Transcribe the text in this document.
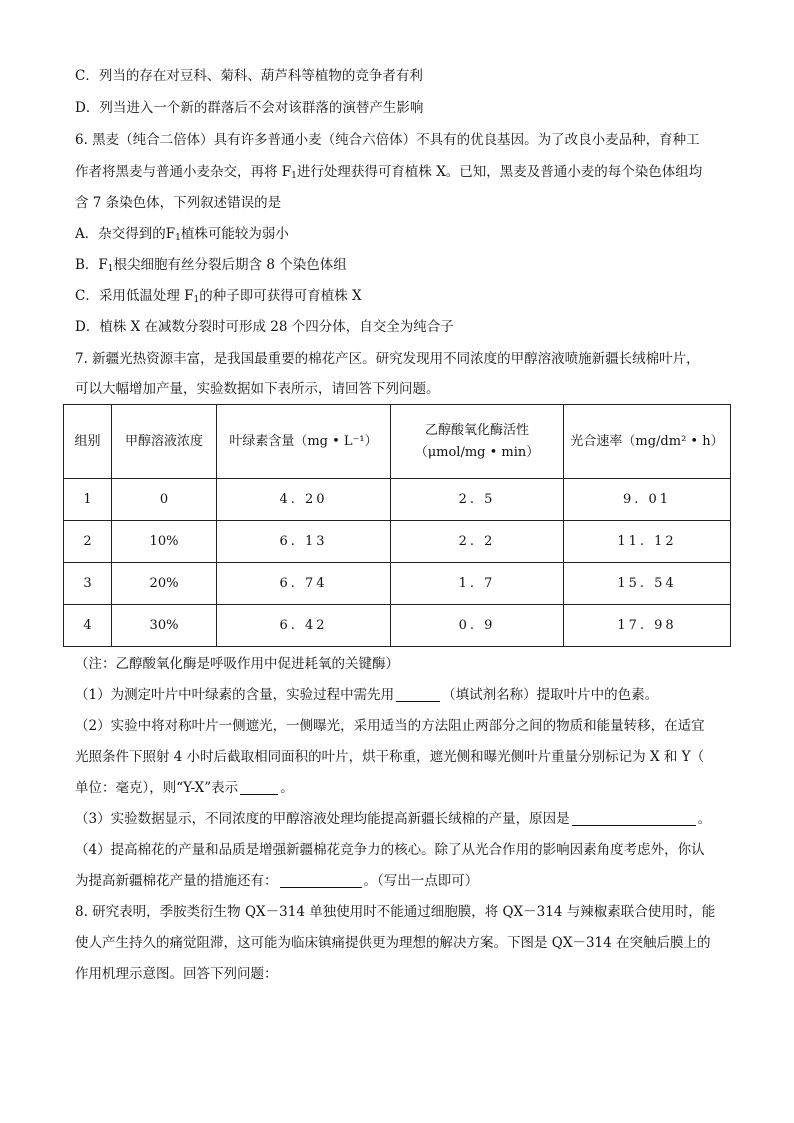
C．列当的存在对豆科、菊科、葫芦科等植物的竞争者有利
D．列当进入一个新的群落后不会对该群落的演替产生影响
6. 黑麦（纯合二倍体）具有许多普通小麦（纯合六倍体）不具有的优良基因。为了改良小麦品种，育种工
作者将黑麦与普通小麦杂交，再将 $F_1$进行处理获得可育植株 X。已知，黑麦及普通小麦的每个染色体组均
含 7 条染色体，下列叙述错误的是
A．杂交得到的$F_1$植株可能较为弱小
B．$F_1$根尖细胞有丝分裂后期含 8 个染色体组
C．采用低温处理 $F_1$的种子即可获得可育植株 X
D．植株 X 在减数分裂时可形成 28 个四分体，自交全为纯合子
7. 新疆光热资源丰富，是我国最重要的棉花产区。研究发现用不同浓度的甲醇溶液喷施新疆长绒棉叶片，
可以大幅增加产量，实验数据如下表所示，请回答下列问题。
组别	甲醇溶液浓度	叶绿素含量（mg • L⁻¹）	乙醇酸氧化酶活性
（μmol/mg • min）	光合速率（mg/dm² • h）
1	0	4. 20	2. 5	9. 01
2	10%	6. 13	2. 2	11. 12
3	20%	6. 74	1. 7	15. 54
4	30%	6. 42	0. 9	17. 98
（注：乙醇酸氧化酶是呼吸作用中促进耗氧的关键酶）
（1）为测定叶片中叶绿素的含量，实验过程中需先用	（填试剂名称）提取叶片中的色素。
（2）实验中将对称叶片一侧遮光，一侧曝光，采用适当的方法阻止两部分之间的物质和能量转移，在适宜
光照条件下照射 4 小时后截取相同面积的叶片，烘干称重，遮光侧和曝光侧叶片重量分别标记为 X 和 Y（
单位：毫克），则“Y-X”表示	。
（3）实验数据显示，不同浓度的甲醇溶液处理均能提高新疆长绒棉的产量，原因是	。
（4）提高棉花的产量和品质是增强新疆棉花竞争力的核心。除了从光合作用的影响因素角度考虑外，你认
为提高新疆棉花产量的措施还有：	。（写出一点即可）
8. 研究表明，季胺类衍生物 QX－314 单独使用时不能通过细胞膜，将 QX－314 与辣椒素联合使用时，能
使人产生持久的痛觉阻滞，这可能为临床镇痛提供更为理想的解决方案。下图是 QX－314 在突触后膜上的
作用机理示意图。回答下列问题：
